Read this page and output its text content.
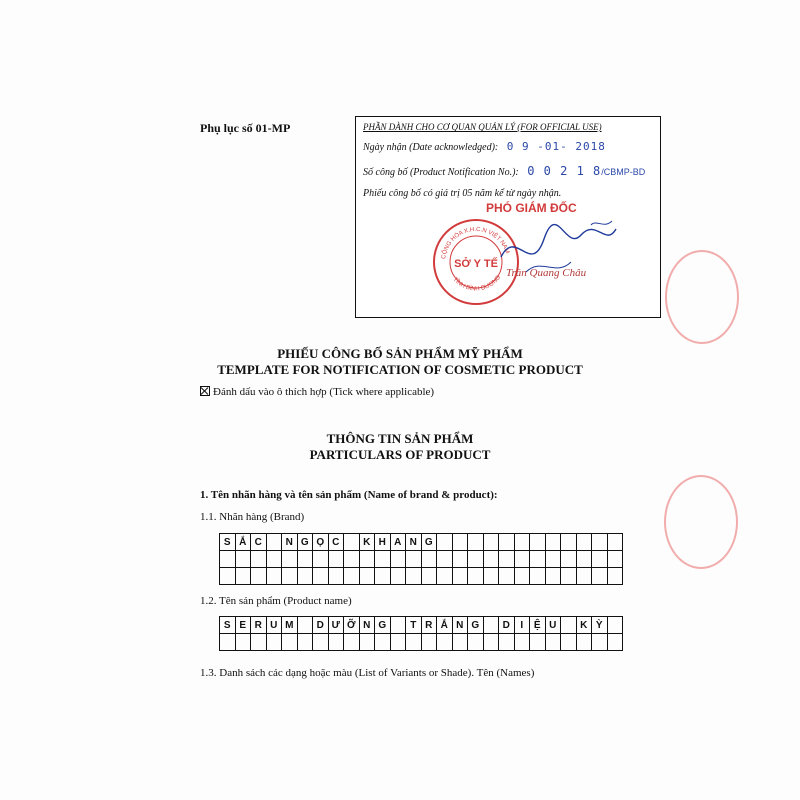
Phụ lục số 01-MP	PHẦN DÀNH CHO CƠ QUAN QUẢN LÝ (FOR OFFICIAL USE)
Ngày nhận (Date acknowledged): 0 9 -01- 2018
Số công bố (Product Notification No.): 0 0 2 1 8/CBMP-BD
Phiếu công bố có giá trị 05 năm kể từ ngày nhận.
PHÓ GIÁM ĐỐC
CỘNG HÒA X.H.C.N VIỆT NAM
TỈNH BÌNH DƯƠNG
SỞ Y TẾ
Trần Quang Châu
PHIẾU CÔNG BỐ SẢN PHẨM MỸ PHẨM
TEMPLATE FOR NOTIFICATION OF COSMETIC PRODUCT
Đánh dấu vào ô thích hợp (Tick where applicable)
THÔNG TIN SẢN PHẨM
PARTICULARS OF PRODUCT
1. Tên nhãn hàng và tên sản phẩm (Name of brand & product):
1.1. Nhãn hàng (Brand)
S	Ắ	C		N	G	Ọ	C		K	H	A	N	G												

1.2. Tên sản phẩm (Product name)
S	E	R	U	M		D	Ư	Ỡ	N	G		T	R	Ắ	N	G		D	I	Ệ	U		K	Ỳ	

1.3. Danh sách các dạng hoặc màu (List of Variants or Shade). Tên (Names)
